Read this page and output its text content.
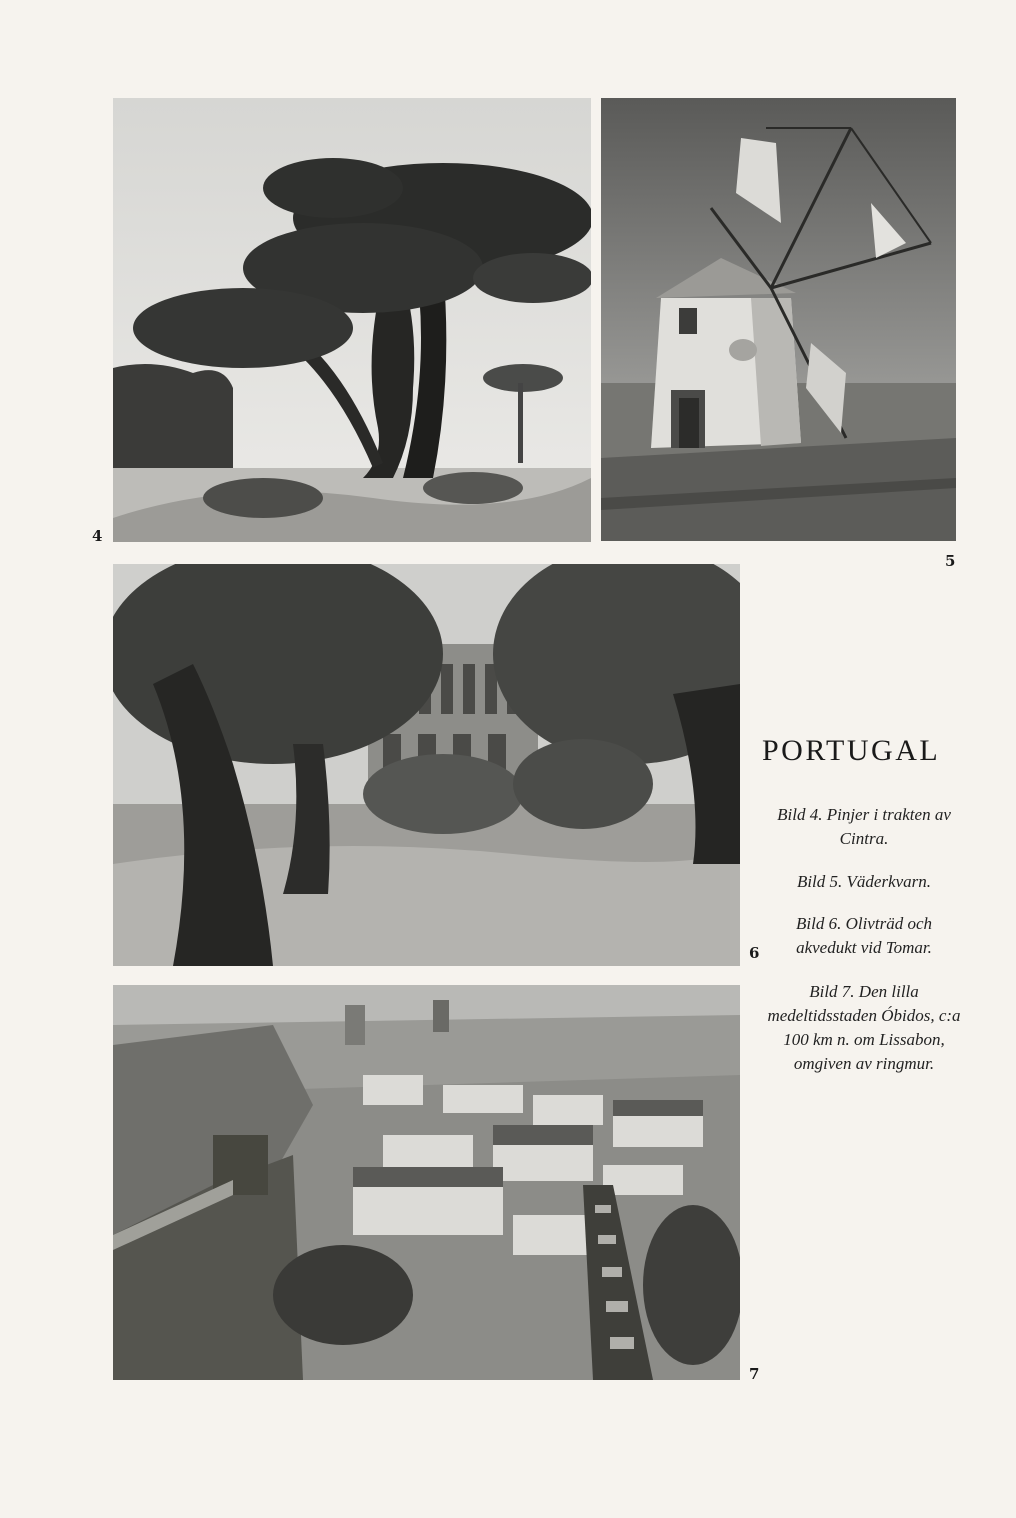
4
5
6
7
PORTUGAL
Bild 4. Pinjer i trakten av Cintra.
Bild 5. Väderkvarn.
Bild 6. Olivträd och akvedukt vid Tomar.
Bild 7. Den lilla medeltidsstaden Óbidos, c:a 100 km n. om Lissabon, omgiven av ringmur.
